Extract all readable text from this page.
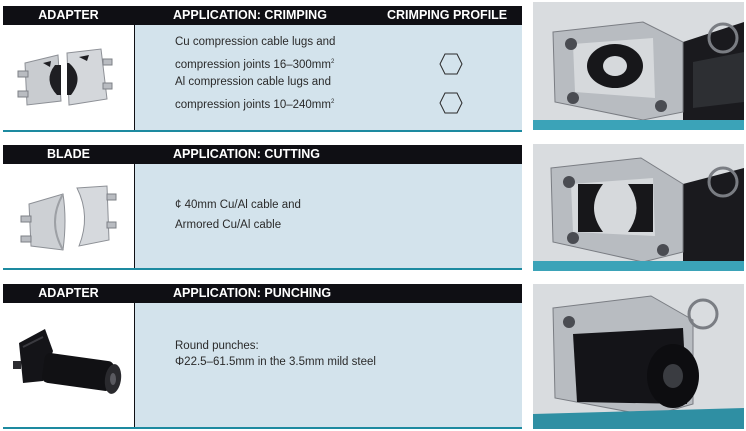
ADAPTER	APPLICATION: CRIMPING	CRIMPING PROFILE
Cu compression cable lugs and
compression joints $16-300mm^2$
Al compression cable lugs and
compression joints $10-240mm^2$
BLADE	APPLICATION: CUTTING
¢ 40mm Cu/Al cable and
Armored Cu/Al cable
ADAPTER	APPLICATION: PUNCHING
Round punches:
Φ22.5–61.5mm in the 3.5mm mild steel
